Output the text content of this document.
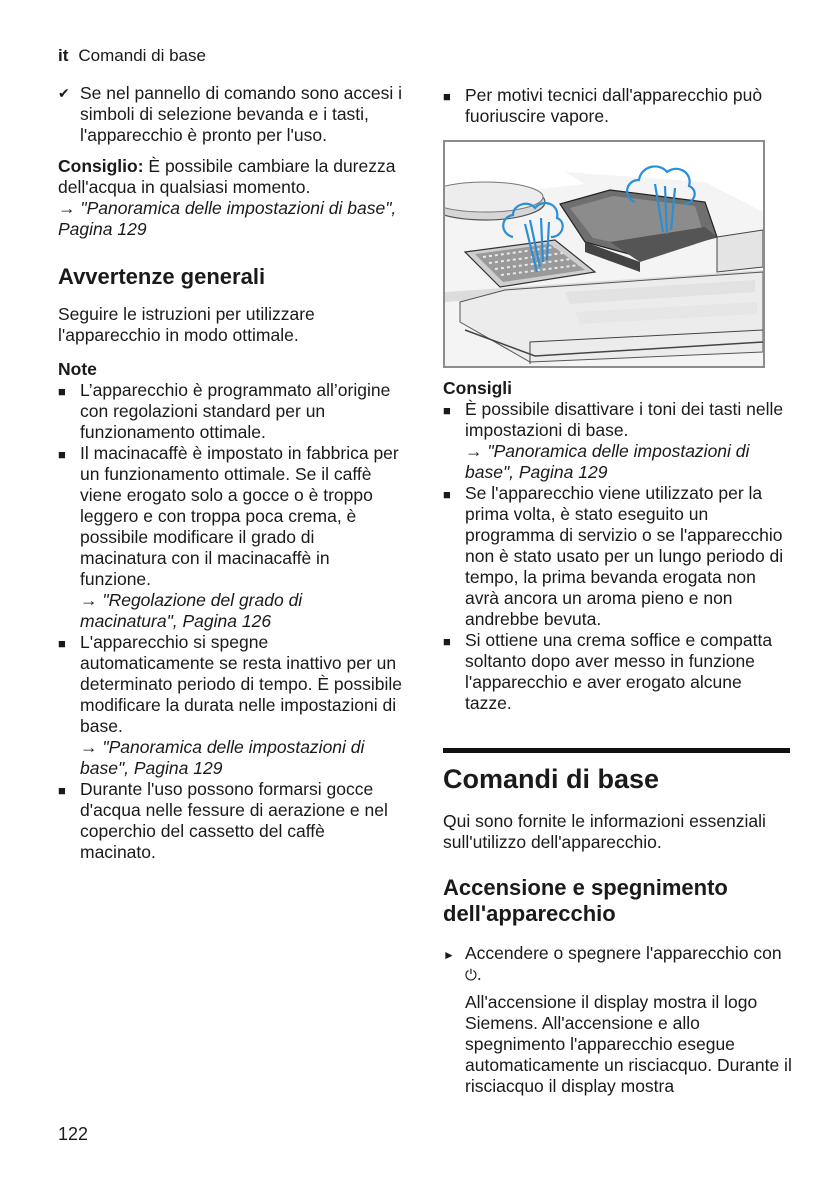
it Comandi di base
✔ Se nel pannello di comando sono accesi i simboli di selezione bevanda e i tasti, l'apparecchio è pronto per l'uso.

Consiglio: È possibile cambiare la durezza dell'acqua in qualsiasi momento.
→ "Panoramica delle impostazioni di base", Pagina 129

Avvertenze generali

Seguire le istruzioni per utilizzare l'apparecchio in modo ottimale.

Note
■ L’apparecchio è programmato all’origine con regolazioni standard per un funzionamento ottimale.
■ Il macinacaffè è impostato in fabbrica per un funzionamento ottimale. Se il caffè viene erogato solo a gocce o è troppo leggero e con troppa poca crema, è possibile modificare il grado di macinatura con il macinacaffè in funzione.
→ "Regolazione del grado di macinatura", Pagina 126
■ L'apparecchio si spegne automaticamente se resta inattivo per un determinato periodo di tempo. È possibile modificare la durata nelle impostazioni di base.
→ "Panoramica delle impostazioni di base", Pagina 129
■ Durante l'uso possono formarsi gocce d'acqua nelle fessure di aerazione e nel coperchio del cassetto del caffè macinato.
■ Per motivi tecnici dall'apparecchio può fuoriuscire vapore.
Consigli
■ È possibile disattivare i toni dei tasti nelle impostazioni di base.
→ "Panoramica delle impostazioni di base", Pagina 129
■ Se l'apparecchio viene utilizzato per la prima volta, è stato eseguito un programma di servizio o se l'apparecchio non è stato usato per un lungo periodo di tempo, la prima bevanda erogata non avrà ancora un aroma pieno e non andrebbe bevuta.
■ Si ottiene una crema soffice e compatta soltanto dopo aver messo in funzione l'apparecchio e aver erogato alcune tazze.
Comandi di base

Qui sono fornite le informazioni essenziali sull'utilizzo dell'apparecchio.

Accensione e spegnimento dell'apparecchio
► Accendere o spegnere l'apparecchio con ⏻.

All'accensione il display mostra il logo Siemens. All'accensione e allo spegnimento l'apparecchio esegue automaticamente un risciacquo. Durante il risciacquo il display mostra

122
